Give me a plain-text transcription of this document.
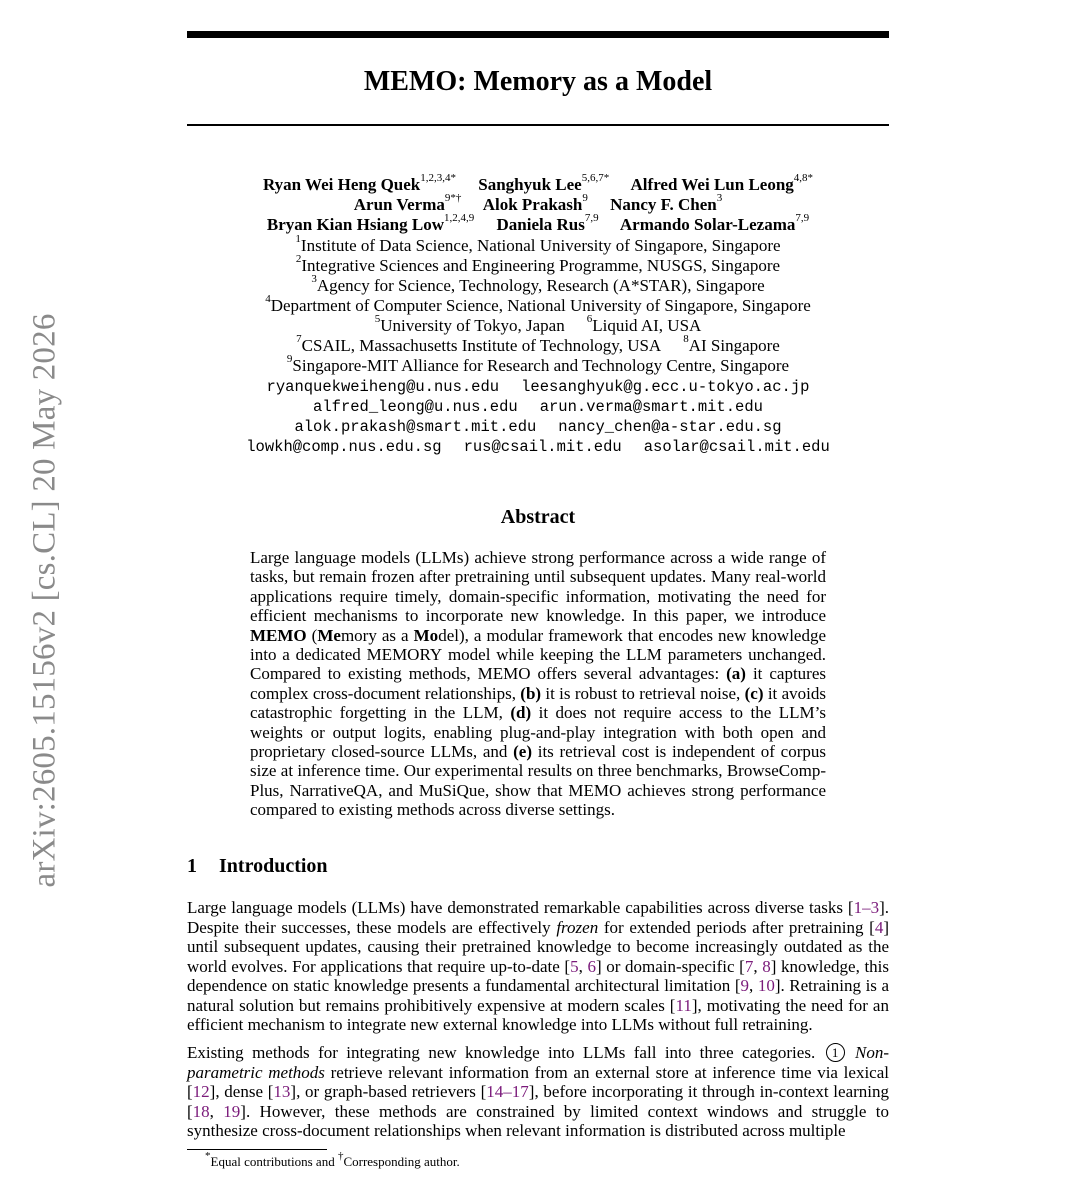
arXiv:2605.15156v2 [cs.CL] 20 May 2026
MEMO: Memory as a Model
Ryan Wei Heng Quek$^{1,2,3,4*}$ Sanghyuk Lee$^{5,6,7*}$ Alfred Wei Lun Leong$^{4,8*}$
Arun Verma$^{9*\dagger}$ Alok Prakash$^9$ Nancy F. Chen$^3$
Bryan Kian Hsiang Low$^{1,2,4,9}$ Daniela Rus$^{7,9}$ Armando Solar-Lezama$^{7,9}$
$^1$Institute of Data Science, National University of Singapore, Singapore
$^2$Integrative Sciences and Engineering Programme, NUSGS, Singapore
$^3$Agency for Science, Technology, Research (A*STAR), Singapore
$^4$Department of Computer Science, National University of Singapore, Singapore
$^5$University of Tokyo, Japan $^6$Liquid AI, USA
$^7$CSAIL, Massachusetts Institute of Technology, USA $^8$AI Singapore
$^9$Singapore-MIT Alliance for Research and Technology Centre, Singapore
ryanquekweiheng@u.nus.edu leesanghyuk@g.ecc.u-tokyo.ac.jp
alfred_leong@u.nus.edu arun.verma@smart.mit.edu
alok.prakash@smart.mit.edu nancy_chen@a-star.edu.sg
lowkh@comp.nus.edu.sg rus@csail.mit.edu asolar@csail.mit.edu
Abstract
Large language models (LLMs) achieve strong performance across a wide range of tasks, but remain frozen after pretraining until subsequent updates. Many real-world applications require timely, domain-specific information, motivating the need for efficient mechanisms to incorporate new knowledge. In this paper, we introduce MEMO (Memory as a Model), a modular framework that encodes new knowledge into a dedicated MEMORY model while keeping the LLM parameters unchanged. Compared to existing methods, MEMO offers several advantages: (a) it captures complex cross-document relationships, (b) it is robust to retrieval noise, (c) it avoids catastrophic forgetting in the LLM, (d) it does not require access to the LLM’s weights or output logits, enabling plug-and-play integration with both open and proprietary closed-source LLMs, and (e) its retrieval cost is independent of corpus size at inference time. Our experimental results on three benchmarks, BrowseComp-Plus, NarrativeQA, and MuSiQue, show that MEMO achieves strong performance compared to existing methods across diverse settings.
1 Introduction
Large language models (LLMs) have demonstrated remarkable capabilities across diverse tasks [1–3]. Despite their successes, these models are effectively frozen for extended periods after pretraining [4] until subsequent updates, causing their pretrained knowledge to become increasingly outdated as the world evolves. For applications that require up-to-date [5, 6] or domain-specific [7, 8] knowledge, this dependence on static knowledge presents a fundamental architectural limitation [9, 10]. Retraining is a natural solution but remains prohibitively expensive at modern scales [11], motivating the need for an efficient mechanism to integrate new external knowledge into LLMs without full retraining.
Existing methods for integrating new knowledge into LLMs fall into three categories. 1 Non-parametric methods retrieve relevant information from an external store at inference time via lexical [12], dense [13], or graph-based retrievers [14–17], before incorporating it through in-context learning [18, 19]. However, these methods are constrained by limited context windows and struggle to synthesize cross-document relationships when relevant information is distributed across multiple
*Equal contributions and †Corresponding author.
